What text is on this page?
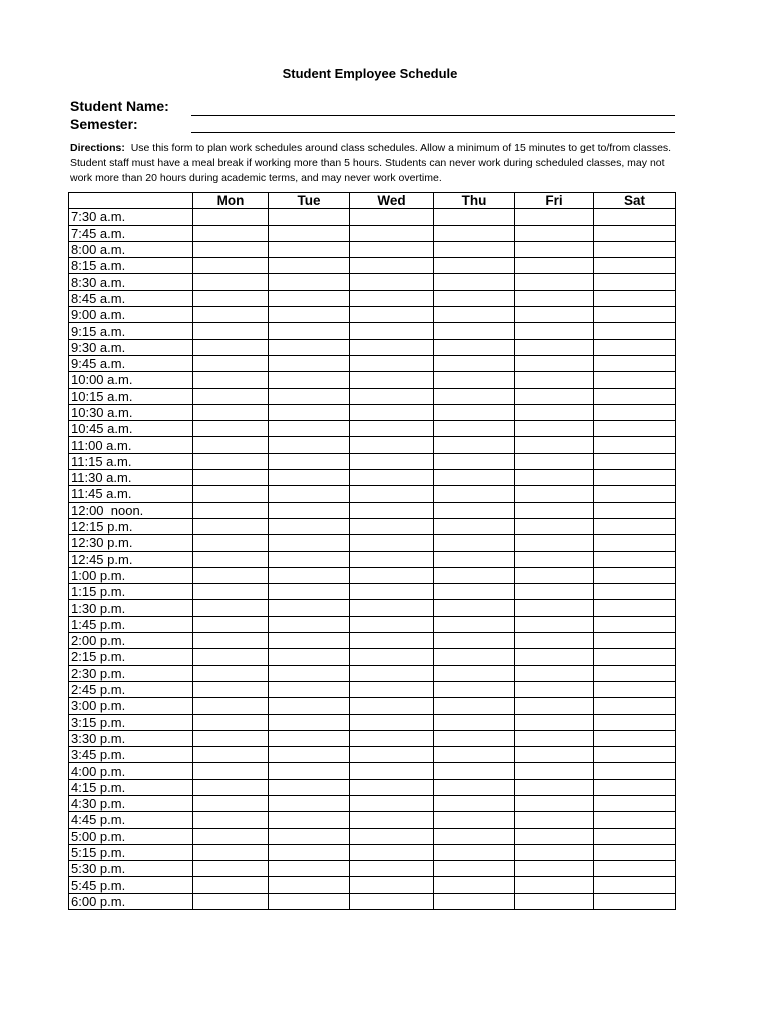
Student Employee Schedule
Student Name:
Semester:
Directions: Use this form to plan work schedules around class schedules. Allow a minimum of 15 minutes to get to/from classes. Student staff must have a meal break if working more than 5 hours. Students can never work during scheduled classes, may not work more than 20 hours during academic terms, and may never work overtime.
	Mon	Tue	Wed	Thu	Fri	Sat
7:30 a.m.						
7:45 a.m.						
8:00 a.m.						
8:15 a.m.						
8:30 a.m.						
8:45 a.m.						
9:00 a.m.						
9:15 a.m.						
9:30 a.m.						
9:45 a.m.						
10:00 a.m.						
10:15 a.m.						
10:30 a.m.						
10:45 a.m.						
11:00 a.m.						
11:15 a.m.						
11:30 a.m.						
11:45 a.m.						
12:00  noon.						
12:15 p.m.						
12:30 p.m.						
12:45 p.m.						
1:00 p.m.						
1:15 p.m.						
1:30 p.m.						
1:45 p.m.						
2:00 p.m.						
2:15 p.m.						
2:30 p.m.						
2:45 p.m.						
3:00 p.m.						
3:15 p.m.						
3:30 p.m.						
3:45 p.m.						
4:00 p.m.						
4:15 p.m.						
4:30 p.m.						
4:45 p.m.						
5:00 p.m.						
5:15 p.m.						
5:30 p.m.						
5:45 p.m.						
6:00 p.m.						
